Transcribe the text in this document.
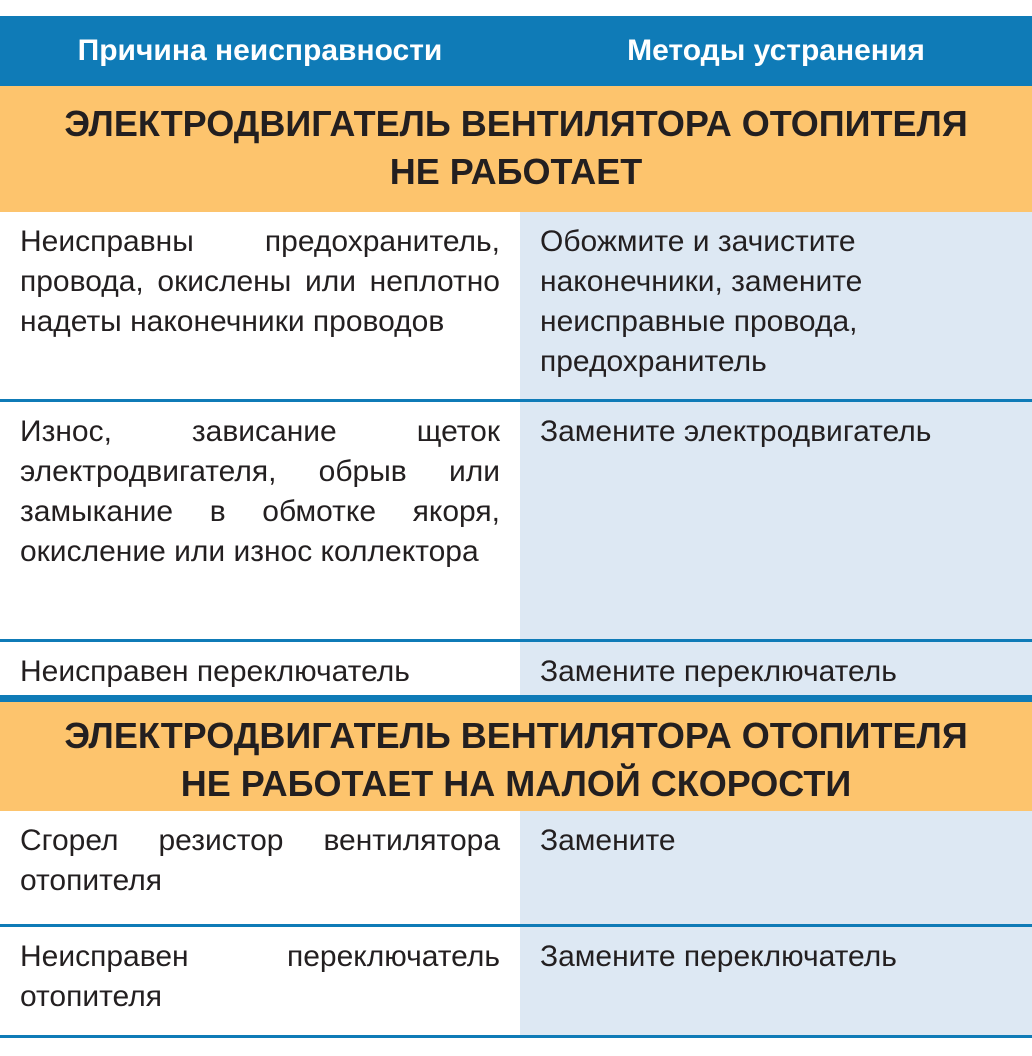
Причина неисправности	Методы устранения
ЭЛЕКТРОДВИГАТЕЛЬ ВЕНТИЛЯТОРА ОТОПИТЕЛЯ
НЕ РАБОТАЕТ
Неисправны предохранитель, провода, окислены или неплотно надеты наконечники проводов
Обожмите и зачистите наконечники, замените неисправные провода, предохранитель
Износ, зависание щеток электродвигателя, обрыв или замыкание в обмотке якоря, окисление или износ коллектора
Замените электродвигатель
Неисправен переключатель	Замените переключатель
ЭЛЕКТРОДВИГАТЕЛЬ ВЕНТИЛЯТОРА ОТОПИТЕЛЯ
НЕ РАБОТАЕТ НА МАЛОЙ СКОРОСТИ
Сгорел резистор вентилятора отопителя
Замените
Неисправен переключатель отопителя
Замените переключатель
